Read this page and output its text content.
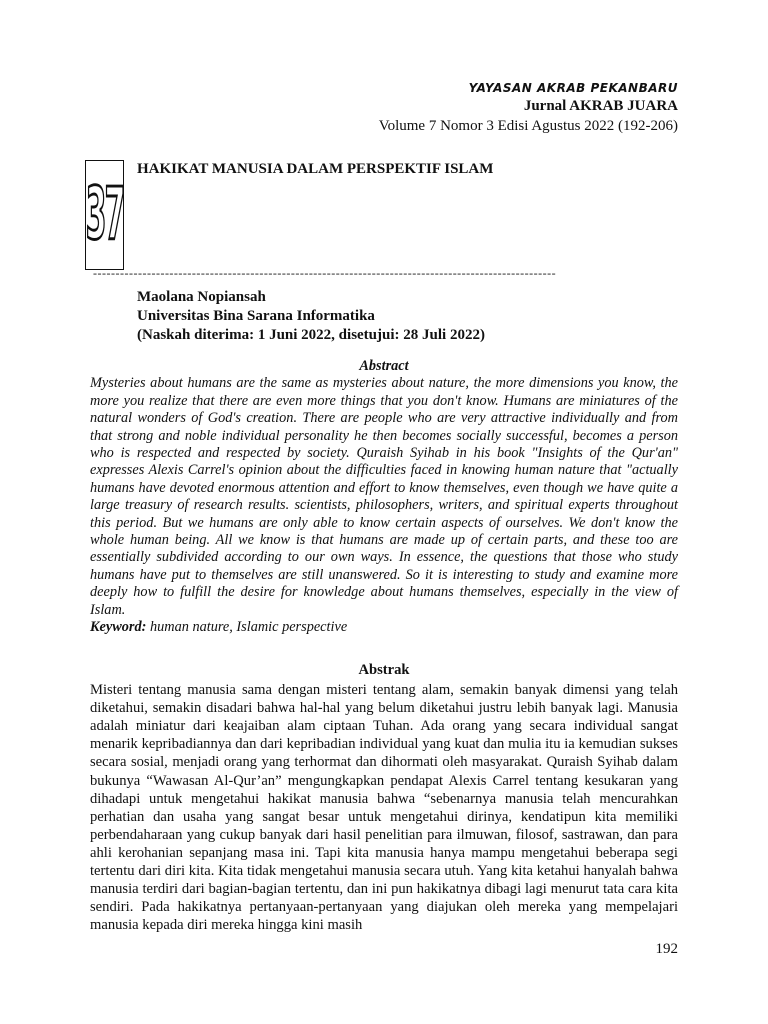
YAYASAN AKRAB PEKANBARU
Jurnal AKRAB JUARA
Volume 7 Nomor 3 Edisi Agustus 2022 (192-206)
37
HAKIKAT MANUSIA DALAM PERSPEKTIF ISLAM
-------------------------------------------------------------------------------------------------------
Maolana Nopiansah
Universitas Bina Sarana Informatika
(Naskah diterima: 1 Juni 2022, disetujui: 28 Juli 2022)
Abstract
Mysteries about humans are the same as mysteries about nature, the more dimensions you know, the more you realize that there are even more things that you don't know. Humans are miniatures of the natural wonders of God's creation. There are people who are very attractive individually and from that strong and noble individual personality he then becomes socially successful, becomes a person who is respected and respected by society. Quraish Syihab in his book "Insights of the Qur'an" expresses Alexis Carrel's opinion about the difficulties faced in knowing human nature that "actually humans have devoted enormous attention and effort to know themselves, even though we have quite a large treasury of research results. scientists, philosophers, writers, and spiritual experts throughout this period. But we humans are only able to know certain aspects of ourselves. We don't know the whole human being. All we know is that humans are made up of certain parts, and these too are essentially subdivided according to our own ways. In essence, the questions that those who study humans have put to themselves are still unanswered. So it is interesting to study and examine more deeply how to fulfill the desire for knowledge about humans themselves, especially in the view of Islam.
Keyword: human nature, Islamic perspective
Abstrak
Misteri tentang manusia sama dengan misteri tentang alam, semakin banyak dimensi yang telah diketahui, semakin disadari bahwa hal-hal yang belum diketahui justru lebih banyak lagi. Manusia adalah miniatur dari keajaiban alam ciptaan Tuhan. Ada orang yang secara individual sangat menarik kepribadiannya dan dari kepribadian individual yang kuat dan mulia itu ia kemudian sukses secara sosial, menjadi orang yang terhormat dan dihormati oleh masyarakat. Quraish Syihab dalam bukunya “Wawasan Al-Qur’an” mengungkapkan pendapat Alexis Carrel tentang kesukaran yang dihadapi untuk mengetahui hakikat manusia bahwa “sebenarnya manusia telah mencurahkan perhatian dan usaha yang sangat besar untuk mengetahui dirinya, kendatipun kita memiliki perbendaharaan yang cukup banyak dari hasil penelitian para ilmuwan, filosof, sastrawan, dan para ahli kerohanian sepanjang masa ini. Tapi kita manusia hanya mampu mengetahui beberapa segi tertentu dari diri kita. Kita tidak mengetahui manusia secara utuh. Yang kita ketahui hanyalah bahwa manusia terdiri dari bagian-bagian tertentu, dan ini pun hakikatnya dibagi lagi menurut tata cara kita sendiri. Pada hakikatnya pertanyaan-pertanyaan yang diajukan oleh mereka yang mempelajari manusia kepada diri mereka hingga kini masih
192
